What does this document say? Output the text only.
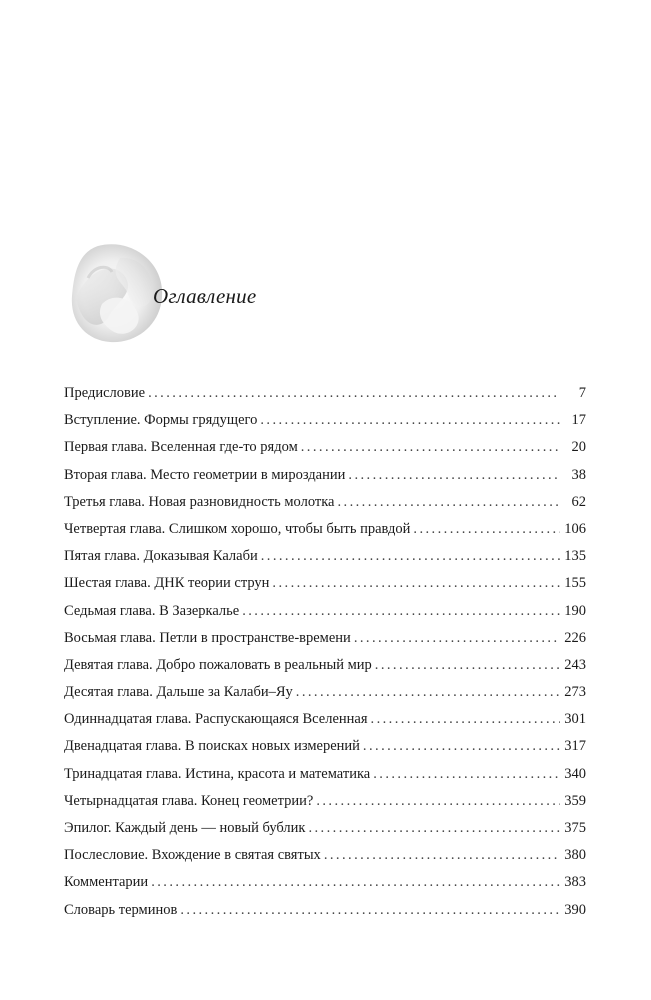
Оглавление
Предисловие . . .	7
Вступление. Формы грядущего . . .	17
Первая глава. Вселенная где-то рядом . . .	20
Вторая глава. Место геометрии в мироздании . . .	38
Третья глава. Новая разновидность молотка . . .	62
Четвертая глава. Слишком хорошо, чтобы быть правдой . . .	106
Пятая глава. Доказывая Калаби . . .	135
Шестая глава. ДНК теории струн . . .	155
Седьмая глава. В Зазеркалье . . .	190
Восьмая глава. Петли в пространстве-времени . . .	226
Девятая глава. Добро пожаловать в реальный мир . . .	243
Десятая глава. Дальше за Калаби–Яу . . .	273
Одиннадцатая глава. Распускающаяся Вселенная . . .	301
Двенадцатая глава. В поисках новых измерений . . .	317
Тринадцатая глава. Истина, красота и математика . . .	340
Четырнадцатая глава. Конец геометрии? . . .	359
Эпилог. Каждый день — новый бублик . . .	375
Послесловие. Вхождение в святая святых . . .	380
Комментарии . . .	383
Словарь терминов . . .	390
